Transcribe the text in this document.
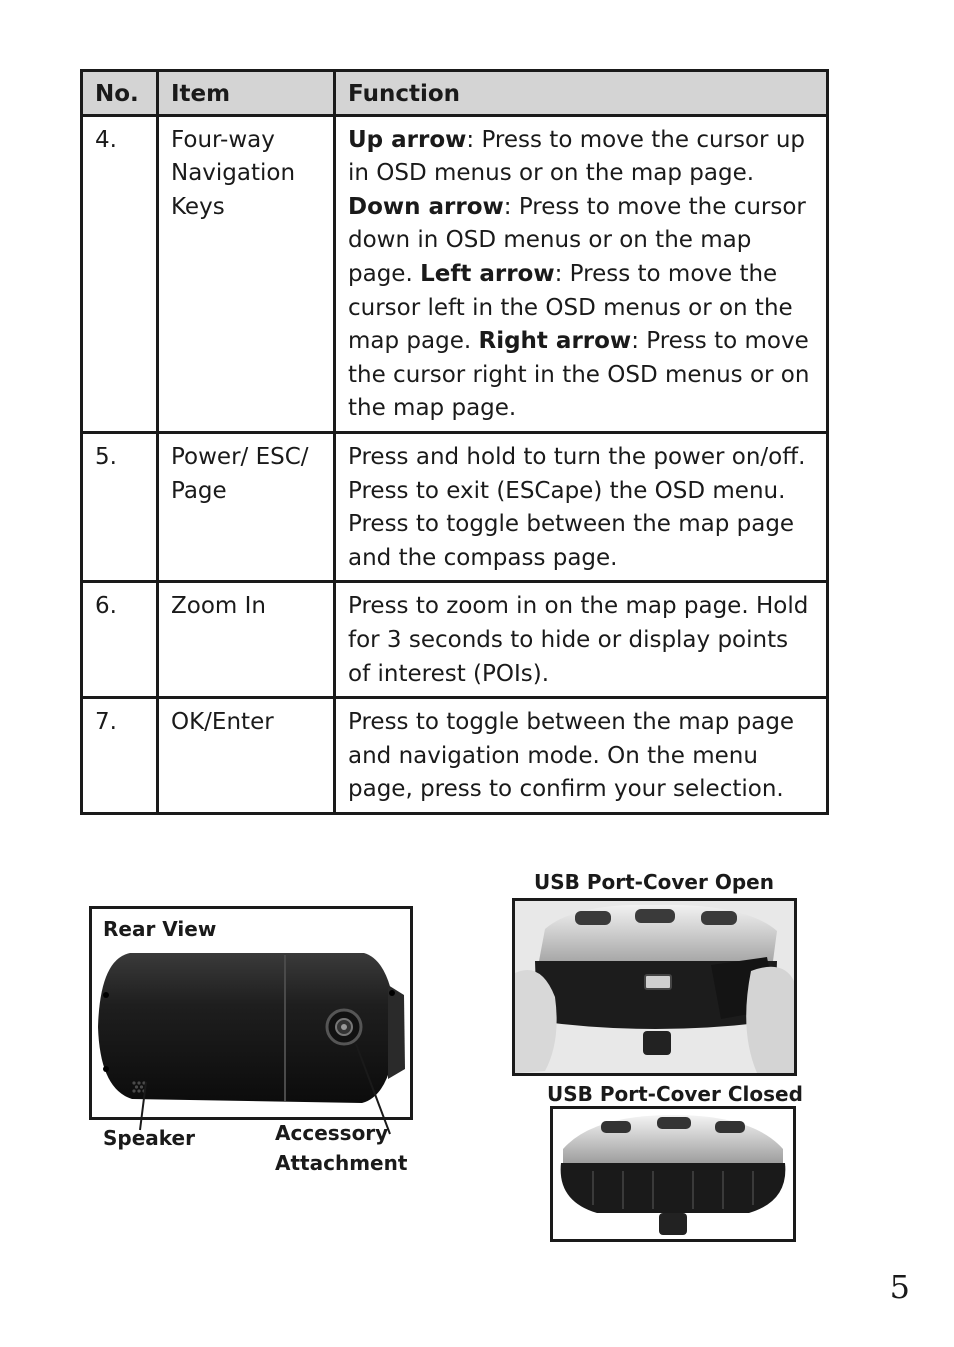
No.	Item	Function
4.	Four-way Navigation Keys	Up arrow: Press to move the cursor up in OSD menus or on the map page. Down arrow: Press to move the cursor down in OSD menus or on the map page. Left arrow: Press to move the cursor left in the OSD menus or on the map page. Right arrow: Press to move the cursor right in the OSD menus or on the map page.
5.	Power/ ESC/ Page	Press and hold to turn the power on/off. Press to exit (ESCape) the OSD menu. Press to toggle between the map page and the compass page.
6.	Zoom In	Press to zoom in on the map page. Hold for 3 seconds to hide or display points of interest (POIs).
7.	OK/Enter	Press to toggle between the map page and navigation mode. On the menu page, press to confirm your selection.
Rear View
Speaker	Accessory
Attachment
USB Port-Cover Open
USB Port-Cover Closed
5
